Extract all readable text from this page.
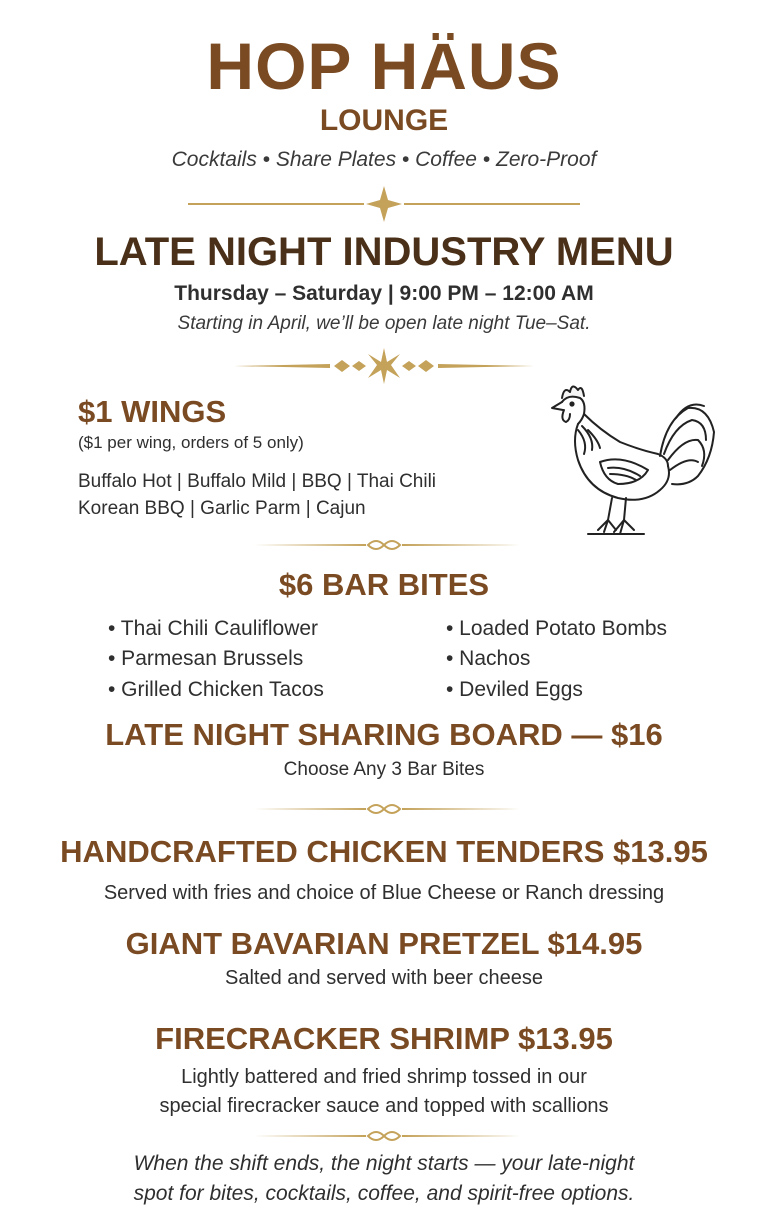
HOP HÄUS
LOUNGE
Cocktails • Share Plates • Coffee • Zero-Proof
LATE NIGHT INDUSTRY MENU
Thursday – Saturday | 9:00 PM – 12:00 AM
Starting in April, we’ll be open late night Tue–Sat.
$1 WINGS
($1 per wing, orders of 5 only)
Buffalo Hot | Buffalo Mild | BBQ | Thai Chili
Korean BBQ | Garlic Parm | Cajun
$6 BAR BITES
• Thai Chili Cauliflower
• Parmesan Brussels
• Grilled Chicken Tacos
• Loaded Potato Bombs
• Nachos
• Deviled Eggs
LATE NIGHT SHARING BOARD — $16
Choose Any 3 Bar Bites
HANDCRAFTED CHICKEN TENDERS $13.95
Served with fries and choice of Blue Cheese or Ranch dressing
GIANT BAVARIAN PRETZEL $14.95
Salted and served with beer cheese
FIRECRACKER SHRIMP $13.95
Lightly battered and fried shrimp tossed in our
special firecracker sauce and topped with scallions
When the shift ends, the night starts — your late-night
spot for bites, cocktails, coffee, and spirit-free options.
